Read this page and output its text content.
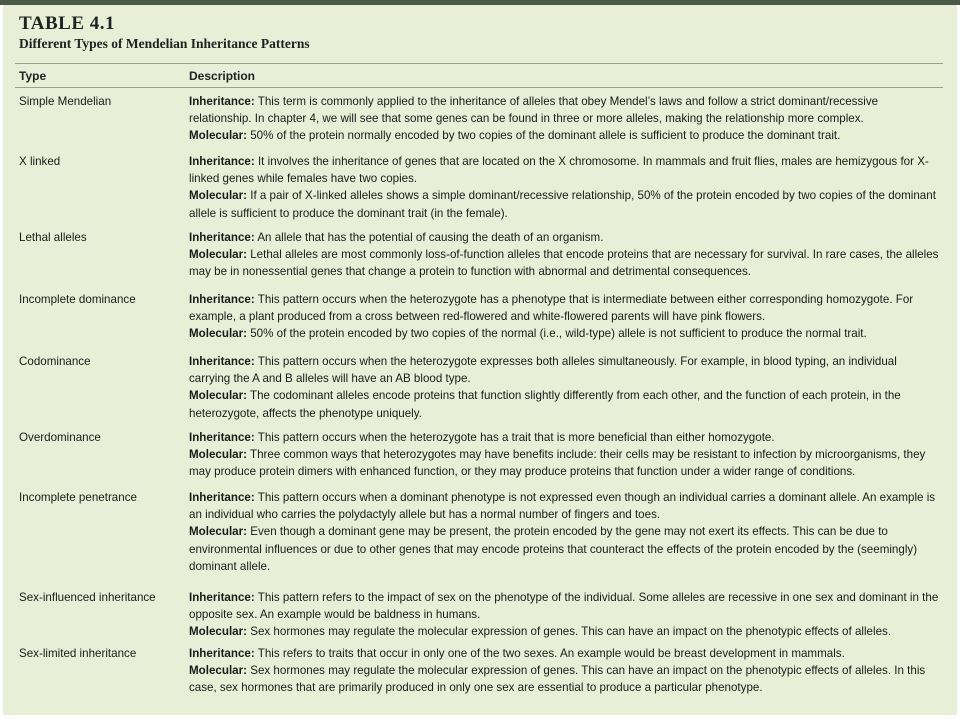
TABLE 4.1
Different Types of Mendelian Inheritance Patterns
Type	Description
Simple Mendelian	Inheritance: This term is commonly applied to the inheritance of alleles that obey Mendel’s laws and follow a strict dominant/recessive relationship. In chapter 4, we will see that some genes can be found in three or more alleles, making the relationship more complex.
Molecular: 50% of the protein normally encoded by two copies of the dominant allele is sufficient to produce the dominant trait.
X linked	Inheritance: It involves the inheritance of genes that are located on the X chromosome. In mammals and fruit flies, males are hemizygous for X-linked genes while females have two copies.
Molecular: If a pair of X-linked alleles shows a simple dominant/recessive relationship, 50% of the protein encoded by two copies of the dominant allele is sufficient to produce the dominant trait (in the female).
Lethal alleles	Inheritance: An allele that has the potential of causing the death of an organism.
Molecular: Lethal alleles are most commonly loss-of-function alleles that encode proteins that are necessary for survival. In rare cases, the alleles may be in nonessential genes that change a protein to function with abnormal and detrimental consequences.
Incomplete dominance	Inheritance: This pattern occurs when the heterozygote has a phenotype that is intermediate between either corresponding homozygote. For example, a plant produced from a cross between red-flowered and white-flowered parents will have pink flowers.
Molecular: 50% of the protein encoded by two copies of the normal (i.e., wild-type) allele is not sufficient to produce the normal trait.
Codominance	Inheritance: This pattern occurs when the heterozygote expresses both alleles simultaneously. For example, in blood typing, an individual carrying the A and B alleles will have an AB blood type.
Molecular: The codominant alleles encode proteins that function slightly differently from each other, and the function of each protein, in the heterozygote, affects the phenotype uniquely.
Overdominance	Inheritance: This pattern occurs when the heterozygote has a trait that is more beneficial than either homozygote.
Molecular: Three common ways that heterozygotes may have benefits include: their cells may be resistant to infection by microorganisms, they may produce protein dimers with enhanced function, or they may produce proteins that function under a wider range of conditions.
Incomplete penetrance	Inheritance: This pattern occurs when a dominant phenotype is not expressed even though an individual carries a dominant allele. An example is an individual who carries the polydactyly allele but has a normal number of fingers and toes.
Molecular: Even though a dominant gene may be present, the protein encoded by the gene may not exert its effects. This can be due to environmental influences or due to other genes that may encode proteins that counteract the effects of the protein encoded by the (seemingly) dominant allele.
Sex-influenced inheritance	Inheritance: This pattern refers to the impact of sex on the phenotype of the individual. Some alleles are recessive in one sex and dominant in the opposite sex. An example would be baldness in humans.
Molecular: Sex hormones may regulate the molecular expression of genes. This can have an impact on the phenotypic effects of alleles.
Sex-limited inheritance	Inheritance: This refers to traits that occur in only one of the two sexes. An example would be breast development in mammals.
Molecular: Sex hormones may regulate the molecular expression of genes. This can have an impact on the phenotypic effects of alleles. In this case, sex hormones that are primarily produced in only one sex are essential to produce a particular phenotype.
